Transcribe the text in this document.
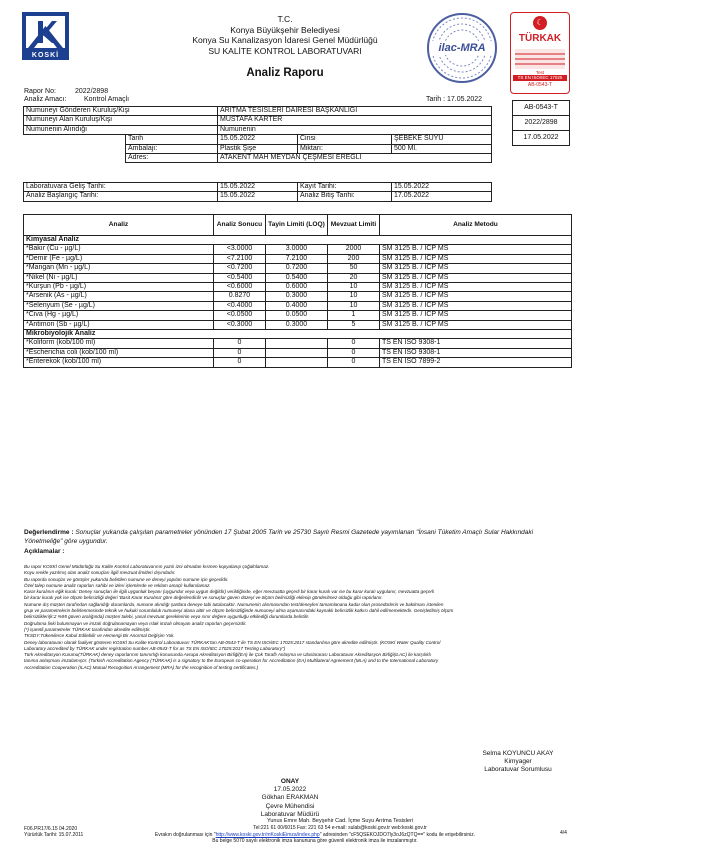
KOSKİ
T.C.
Konya Büyükşehir Belediyesi
Konya Su Kanalizasyon İdaresi Genel Müdürlüğü
SU KALİTE KONTROL LABORATUVARI
Analiz Raporu
ilac-MRA
☾
TÜRKAK
Test
TS EN ISO/IEC 17025
AB-0543-T
Rapor No:	2022/2898
Analiz Amacı:	Kontrol Amaçlı	Tarih : 17.05.2022
AB-0543-T
2022/2898
17.05.2022
Numuneyi Gönderen Kuruluş/Kişi		ARITMA TESİSLERİ DAİRESİ BAŞKANLIĞI		
Numuneyi Alan Kuruluş/Kişi		MUSTAFA KARTER		
Numunenin Alındığı		Numunenin		
	Tarih	15.05.2022	Cinsi	ŞEBEKE SUYU
	Ambalajı:	Plastik Şişe	Miktarı:	500 Ml.
	Adres:	ATAKENT MAH MEYDAN ÇEŞMESİ EREĞLİ		
Laboratuvara Geliş Tarihi:	15.05.2022	Kayıt Tarihi:	15.05.2022
Analiz Başlangıç Tarihi:	15.05.2022	Analiz Bitiş Tarihi:	17.05.2022
Analiz	Analiz Sonucu	Tayin Limiti (LOQ)	Mevzuat Limiti	Analiz Metodu
Kimyasal Analiz				
*Bakır (Cu - µg/L)	<3.0000	3.0000	2000	SM 3125 B. / ICP MS
*Demir (Fe - µg/L)	<7.2100	7.2100	200	SM 3125 B. / ICP MS
*Mangan (Mn - µg/L)	<0.7200	0.7200	50	SM 3125 B. / ICP MS
*Nikel (Ni - µg/L)	<0.5400	0.5400	20	SM 3125 B. / ICP MS
*Kurşun (Pb - µg/L)	<0.6000	0.6000	10	SM 3125 B. / ICP MS
*Arsenik (As - µg/L)	0.8270	0.3000	10	SM 3125 B. / ICP MS
*Selenyum (Se - µg/L)	<0.4000	0.4000	10	SM 3125 B. / ICP MS
*Civa (Hg - µg/L)	<0.0500	0.0500	1	SM 3125 B. / ICP MS
*Antimon (Sb - µg/L)	<0.3000	0.3000	5	SM 3125 B. / ICP MS
Mikrobiyolojik Analiz				
*Koliform (kob/100 ml)	0		0	TS EN ISO 9308-1
*Escherichia coli (kob/100 ml)	0		0	TS EN ISO 9308-1
*Enterekok (kob/100 ml)	0		0	TS EN ISO 7899-2
Değerlendirme : Sonuçlar yukarıda çalışılan parametreler yönünden 17 Şubat 2005 Tarih ve 25730 Sayılı Resmi Gazetede yayımlanan "İnsani Tüketim Amaçlı Sular Hakkındaki Yönetmeliğe" göre uygundur.
Açıklamalar :
Bu rapor KOSKİ Genel Müdürlüğü Su Kalite Kontrol Laboratuvarının yazılı izni olmadan kısmen kopyalanıp çoğaltılamaz.
Koyu renkle yazılmış olan analiz sonuçları ilgili mevzuat limitleri dışındadır.
Bu raporda sonuçlar ve görüşler yukarıda belirtilen numune ve deneyi yapılan numune için geçerlidir.
Özel talep numune analiz raporları sahibi ve izleri işlemlerde ve reklam amaçlı kullanılamaz.
Karar kuralının eğik kuralı: Deney sonuçları ile ilgili uygunluk beyanı (uygundur veya uygun değildir) verildiğinde, eğer mevzuatta geçerli bir karar kuralı var ise bu karar kuralı uygulanır, mevzuatta geçerli
bir karar kuralı yok ise ölçüm belirsizliği değeri 'Basit Karar Kuralına' göre değerlendirilir ve sonuçlar güven düzeyi ve ölçüm belirsizliği eklenip gönderilmez olduğu gibi raporlanır.
Numune dış müşteri tarafından sağlandığı durumlarda, numune alındığı şartlara deneye tabi tutulacaktır. Numunenin alınmasından test/deneyleri tamamlanana kadar olan prosedürlerin ve bakılması istenilen
grup ve parametrelerin belirlenmesinde teknik ve hukuki sorumluluk numuneyi alana aittir ve ölçüm belirsizliğinde numuneyi alma aşamasındaki kaynaklı belirsizlik katkısı dahil edilmemektedir. Genişletilmiş ölçüm
belirsizlikleri(k:2 %95 güven aralığında) müşteri talebi, yasal mevzuat gereklerinin veya sınır değere uygunluğu etkilediği durumlarda belirtilir.
Doğrulama linki bulunmayan ve imzalı doğrulanamayan veya ıslak imzalı olmayan analiz raporları geçersizdir.
(*) işaretli parametreler TÜRKAK tarafından akredite edilmiştir.
TKSDY:Tükenilerce Kabul Edilebilir ve Hemengi Bir Anormal Değişim Yok.
Deney laboratuvarı olarak faaliyet gösteren KOSKİ Su Kalite Kontrol Laboratuvarı TÜRKAK'tan AB-0543-T ile TS EN ISO/IEC 17025:2017 standardına göre akredite edilmiştir. (KOSKİ Water Quality Control
Laboratory accredited by TÜRKAK under registration number AB-0543-T for as TS EN ISO/IEC 17025:2017 Testing Laboratory")
Türk Akreditasyon Kurumu(TÜRKAK) deney raporlarının tanınırlığı konusunda Avrupa Akreditasyon Birliği(EA) ile Çok Taraflı Anlaşma ve Uluslararası Laboratuvar Akreditasyon Birliği(ILAC) ile karşılıklı
tanıma anlaşması imzalamıştır. (Turkish Accreditation Agency (TÜRKAK) is a signatory to the European co-operation for Accreditation (EA) Multilateral Agreement (MLA) and to the International Laboratory
Accreditation Cooperation (ILAC) Mutual Recognition Arrangement (MRA) for the recognition of testing certificates.)
Selma KOYUNCU AKAY
Kimyager
Laboratuvar Sorumlusu
ONAY
17.05.2022
Gökhan ERAKMAN
Çevre Mühendisi
Laboratuvar Müdürü
Yunus Emre Mah. Beyşehir Cad. İçme Suyu Arıtma Tesisleri
Tel:221 61 00/6015 Fax: 221 63 54 e-mail: sulab@koski.gov.tr web:koski.gov.tr
F06.PR17/6.15 04.2020
Yürürlük Tarihi: 15.07.2011	4/4
Evrakın doğrulanması için "http://www.koski.gov.tr/mKoskiEimza/index.php" adresinden "cF5QSEKOJDO7ly3oJ6zQTQ==" kodu ile erişebilirsiniz.
Bu belge 5070 sayılı elektronik imza kanununa göre güvenli elektronik imza ile imzalanmıştır.
